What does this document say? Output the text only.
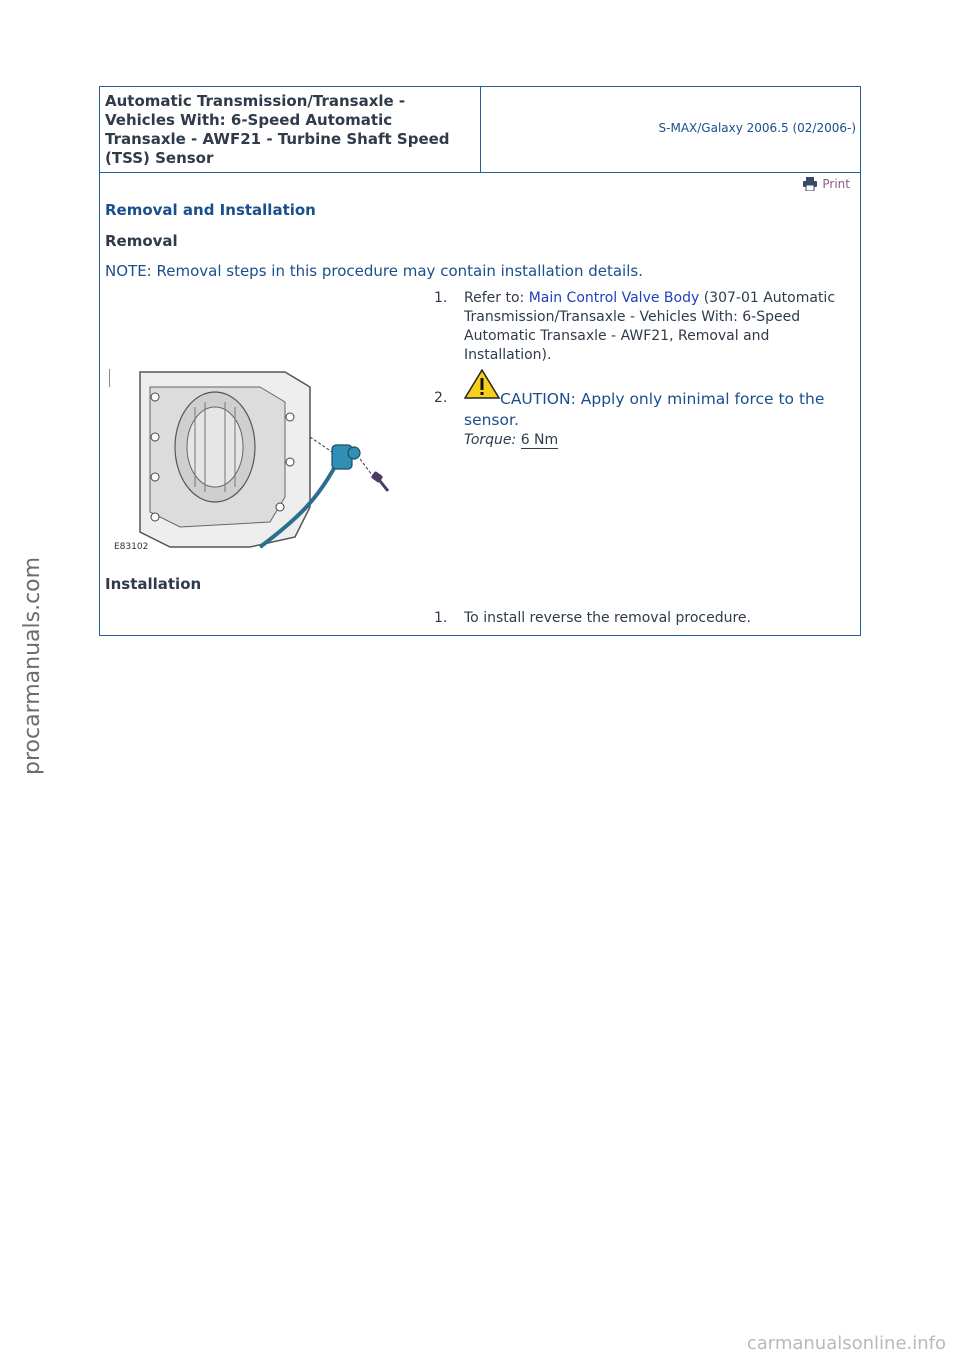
procarmanuals.com
carmanualsonline.info
Automatic Transmission/Transaxle - Vehicles With: 6-Speed Automatic Transaxle - AWF21 - Turbine Shaft Speed (TSS) Sensor
S-MAX/Galaxy 2006.5 (02/2006-)
Print
Removal and Installation
Removal
NOTE: Removal steps in this procedure may contain installation details.
1.	Refer to: Main Control Valve Body (307-01 Automatic Transmission/Transaxle - Vehicles With: 6-Speed Automatic Transaxle - AWF21, Removal and Installation).
2.	CAUTION: Apply only minimal force to the sensor.
Torque: 6 Nm
E83102
Installation
1.	To install reverse the removal procedure.
